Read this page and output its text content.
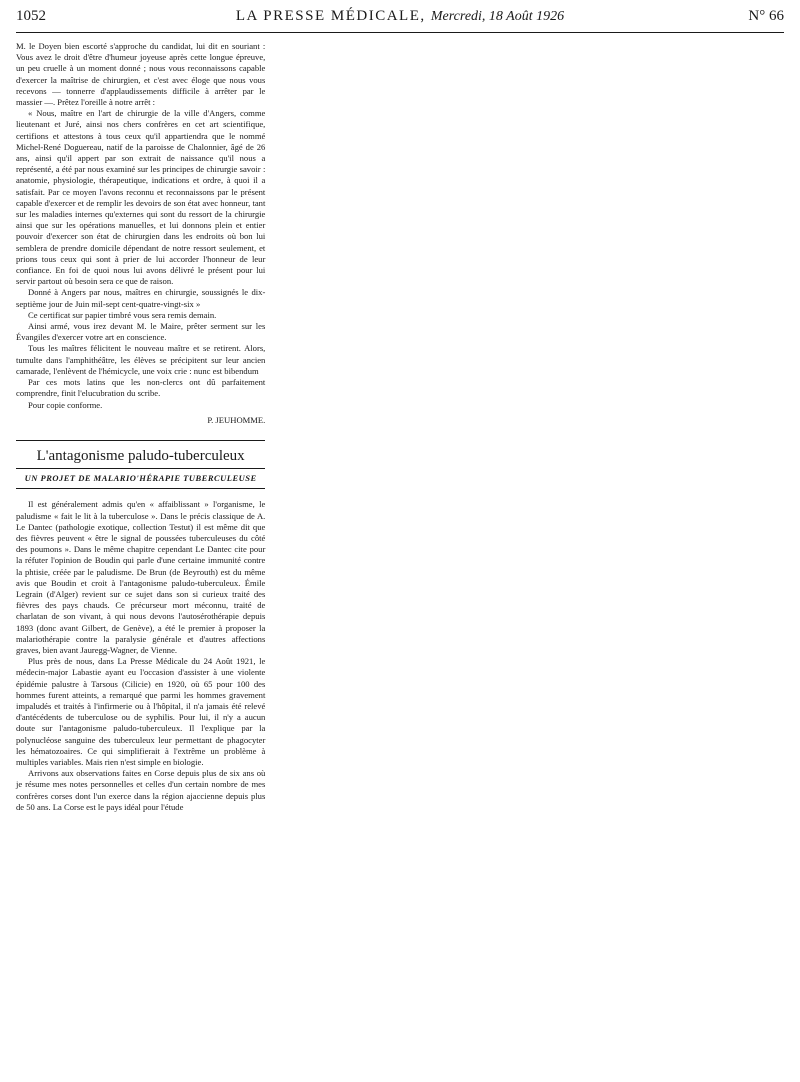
1052	LA PRESSE MÉDICALE, Mercredi, 18 Août 1926	N° 66

M. le Doyen bien escorté s'approche du candidat, lui dit en souriant : Vous avez le droit d'être d'humeur joyeuse après cette longue épreuve, un peu cruelle à un moment donné ; nous vous reconnaissons capable d'exercer la maîtrise de chirurgien, et c'est avec éloge que nous vous recevons — tonnerre d'applaudissements difficile à arrêter par le massier —. Prêtez l'oreille à notre arrêt :

« Nous, maître en l'art de chirurgie de la ville d'Angers, comme lieutenant et Juré, ainsi nos chers confrères en cet art scientifique, certifions et attestons à tous ceux qu'il appartiendra que le nommé Michel-René Doguereau, natif de la paroisse de Chalonnier, âgé de 26 ans, ainsi qu'il appert par son extrait de naissance qu'il nous a représenté, a été par nous examiné sur les principes de chirurgie savoir : anatomie, physiologie, thérapeutique, indications et ordre, à quoi il a satisfait. Par ce moyen l'avons reconnu et reconnaissons par le présent capable d'exercer et de remplir les devoirs de son état avec honneur, tant sur les maladies internes qu'externes qui sont du ressort de la chirurgie ainsi que sur les opérations manuelles, et lui donnons plein et entier pouvoir d'exercer son état de chirurgien dans les endroits où bon lui semblera de prendre domicile dépendant de notre ressort seulement, et prions tous ceux qui sont à prier de lui accorder l'honneur de leur confiance. En foi de quoi nous lui avons délivré le présent pour lui servir partout où besoin sera ce que de raison.

Donné à Angers par nous, maîtres en chirurgie, soussignés le dix-septième jour de Juin mil-sept cent-quatre-vingt-six »

Ce certificat sur papier timbré vous sera remis demain.

Ainsi armé, vous irez devant M. le Maire, prêter serment sur les Évangiles d'exercer votre art en conscience.

Tous les maîtres félicitent le nouveau maître et se retirent. Alors, tumulte dans l'amphithéâtre, les élèves se précipitent sur leur ancien camarade, l'enlèvent de l'hémicycle, une voix crie : nunc est bibendum

Par ces mots latins que les non-clercs ont dû parfaitement comprendre, finit l'elucubration du scribe.

Pour copie conforme.

P. JEUHOMME.

L'antagonisme paludo-tuberculeux
UN PROJET DE MALARIO'HÉRAPIE TUBERCULEUSE

Il est généralement admis qu'en « affaiblissant » l'organisme, le paludisme « fait le lit à la tuberculose ». Dans le précis classique de A. Le Dantec (pathologie exotique, collection Testut) il est même dit que des fièvres peuvent « être le signal de poussées tuberculeuses du côté des poumons ». Dans le même chapitre cependant Le Dantec cite pour la réfuter l'opinion de Boudin qui parle d'une certaine immunité contre la phtisie, créée par le paludisme. De Brun (de Beyrouth) est du même avis que Boudin et croit à l'antagonisme paludo-tuberculeux. Émile Legrain (d'Alger) revient sur ce sujet dans son si curieux traité des fièvres des pays chauds. Ce précurseur mort méconnu, traité de charlatan de son vivant, à qui nous devons l'autosérothérapie depuis 1893 (donc avant Gilbert, de Genève), a été le premier à proposer la malariothérapie contre la paralysie générale et d'autres affections graves, bien avant Jauregg-Wagner, de Vienne.

Plus près de nous, dans La Presse Médicale du 24 Août 1921, le médecin-major Labastie ayant eu l'occasion d'assister à une violente épidémie palustre à Tarsous (Cilicie) en 1920, où 65 pour 100 des hommes furent atteints, a remarqué que parmi les hommes gravement impaludés et traités à l'infirmerie ou à l'hôpital, il n'a jamais été relevé d'antécédents de tuberculose ou de syphilis. Pour lui, il n'y a aucun doute sur l'antagonisme paludo-tuberculeux. Il l'explique par la polynucléose sanguine des tuberculeux leur permettant de phagocyter les hématozoaires. Ce qui simplifierait à l'extrême un problème à multiples variables. Mais rien n'est simple en biologie.

Arrivons aux observations faites en Corse depuis plus de six ans où je résume mes notes personnelles et celles d'un certain nombre de mes confrères corses dont l'un exerce dans la région ajaccienne depuis plus de 50 ans. La Corse est le pays idéal pour l'étude
